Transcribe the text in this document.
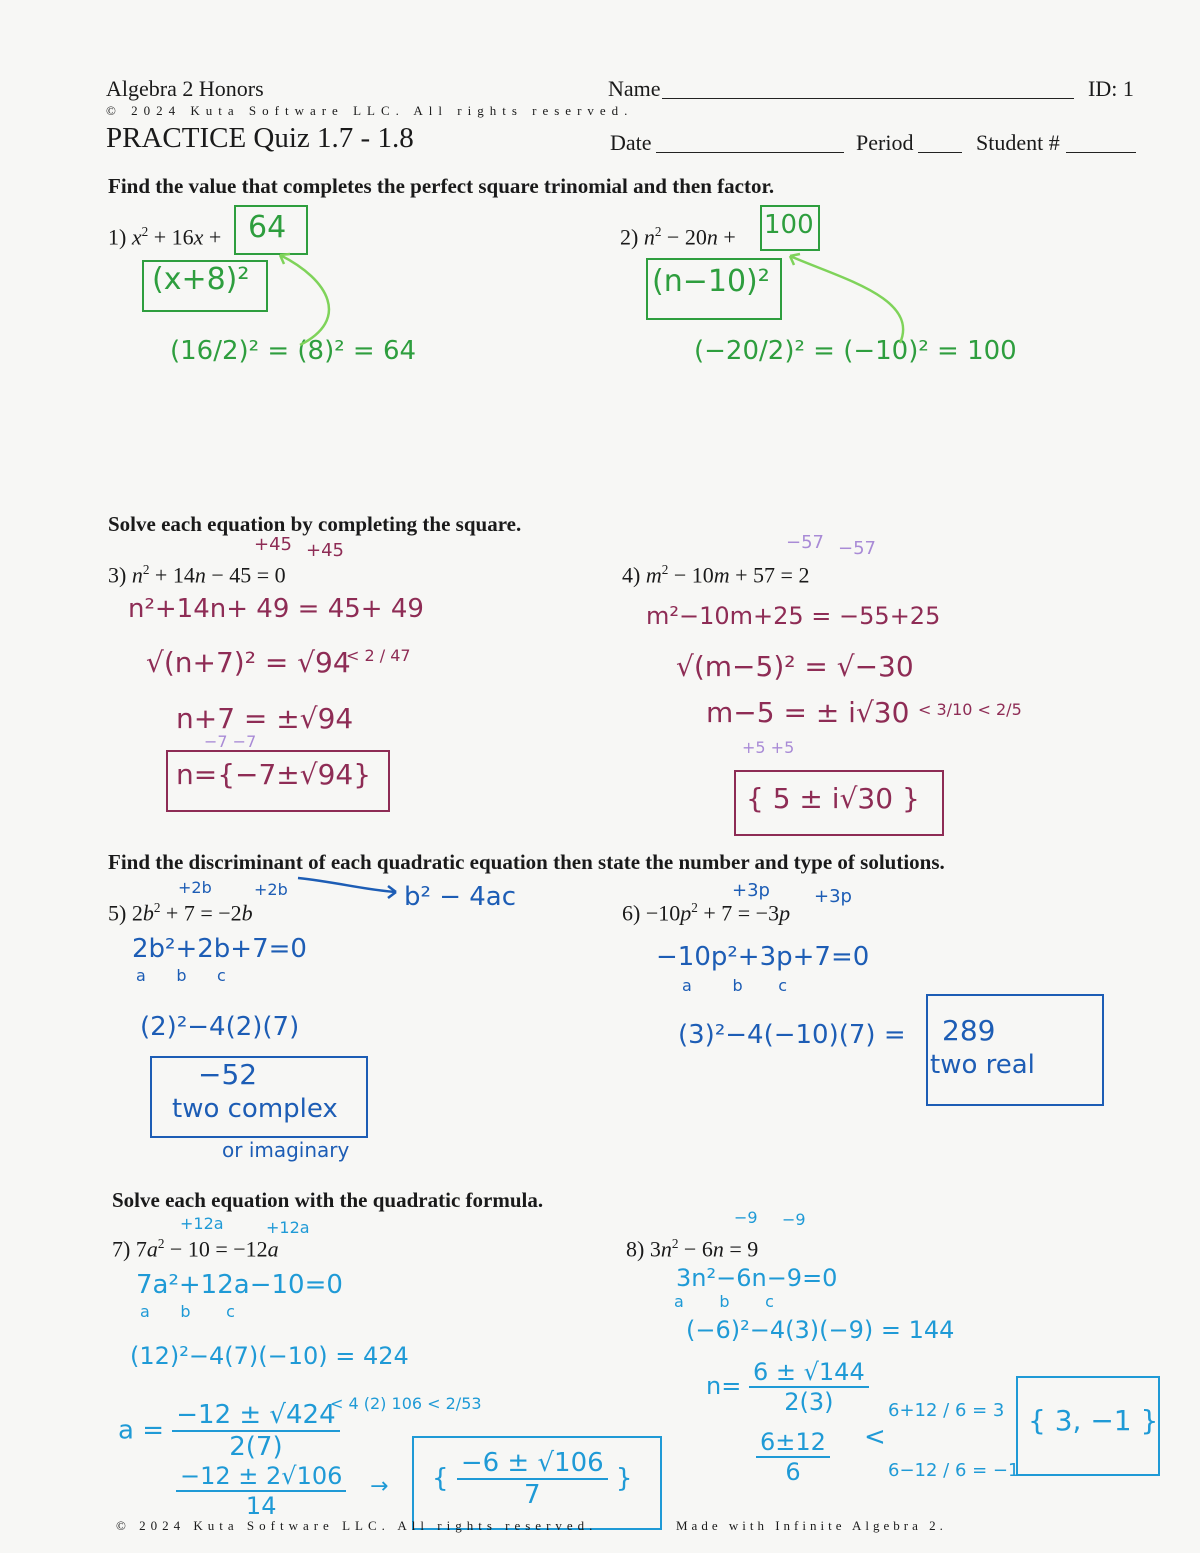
Algebra 2 Honors
© 2024 Kuta Software LLC. All rights reserved.
PRACTICE Quiz 1.7 - 1.8
Name	ID: 1
Date	Period	Student #
Find the value that completes the perfect square trinomial and then factor.
1) $x^2 + 16x + 64$
(x+8)²
(16/2)² = (8)² = 64
2) $n^2 - 20n + 100$
(n−10)²
(−20/2)² = (−10)² = 100
Solve each equation by completing the square.
+45 +45
3) $n^2 + 14n - 45 = 0$
n²+14n+ 49 = 45+ 49
√(n+7)² = √94
< 2 / 47
n+7 = ±√94
−7 −7
n={−7±√94}
−57 −57
4) $m^2 - 10m + 57 = 2$
m²−10m+25 = −55+25
√(m−5)² = √−30
m−5 = ± i√30 < 3/10 < 2/5
+5 +5
{ 5 ± i√30 }
Find the discriminant of each quadratic equation then state the number and type of solutions.
+2b	+2b	b² − 4ac
5) $2b^2 + 7 = -2b$
2b²+2b+7=0
a      b      c
(2)²−4(2)(7)
−52
two complex
or imaginary
+3p +3p
$6) -10p^2 + 7 = -3p$
−10p²+3p+7=0
a        b       c
(3)²−4(−10)(7) = 289
two real
Solve each equation with the quadratic formula.
+12a	+12a
7) $7a^2 - 10 = -12a$
7a²+12a−10=0
a      b       c
(12)²−4(7)(−10) = 424
$a = \frac{-12 \pm √424}{2(7)}$
< 4 (2) 106 < 2/53
$\frac{-12 \pm 2√106}{14}$ → { $\frac{-6 \pm √106}{7}$ }
−9 −9
8) $3n^2 - 6n = 9$
3n²−6n−9=0
a       b       c
(−6)²−4(3)(−9) = 144
$n= \frac{6 \pm √144}{2(3)}$
$\frac{6\pm 12}{6}$ <
6+12 / 6 = 3
6−12 / 6 = −1
{ 3, −1 }
© 2024 Kuta Software LLC. All rights reserved.	Made with Infinite Algebra 2.
